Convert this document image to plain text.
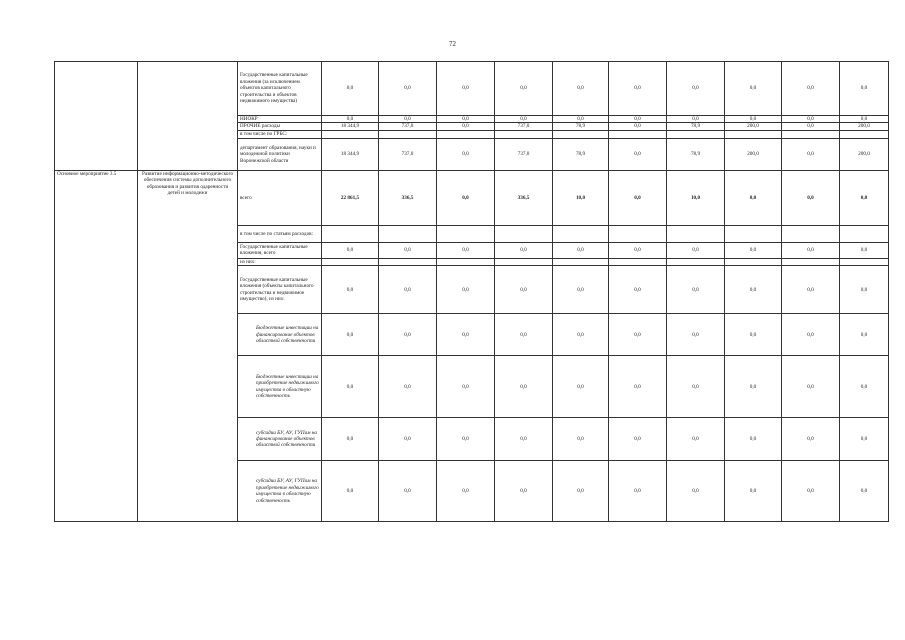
72
		Государственные капитальные вложения (за исключением объектов капитального строительства и объектов недвижимого имущества)	0,0	0,0	0,0	0,0	0,0	0,0	0,0	0,0	0,0	0,0
		НИОКР	0,0	0,0	0,0	0,0	0,0	0,0	0,0	0,0	0,0	0,0
		ПРОЧИЕ расходы	18 344,9	737,0	0,0	737,0	78,9	0,0	78,9	200,0	0,0	200,0
		в том числе по ГРБС:										
		департамент образования, науки и молодежной политики Воронежской области	18 344,9	737,0	0,0	737,0	78,9	0,0	78,9	200,0	0,0	200,0
Основное мероприятие 3.5	Развитие информационно-методического обеспечения системы дополнительного образования и развития одаренности детей и молодежи	всего	22 861,5	336,5	0,0	336,5	10,0	0,0	10,0	0,0	0,0	0,0
		в том числе по статьям расходов:										
		Государственные капитальные вложения, всего	0,0	0,0	0,0	0,0	0,0	0,0	0,0	0,0	0,0	0,0
		из них:										
		Государственные капитальные вложения (объекты капитального строительства и недвижимое имущество), из них:	0,0	0,0	0,0	0,0	0,0	0,0	0,0	0,0	0,0	0,0
		Бюджетные инвестиции на финансирование объектов областной собственности	0,0	0,0	0,0	0,0	0,0	0,0	0,0	0,0	0,0	0,0
		Бюджетные инвестиции на приобретение недвижимого имущества в областную собственность	0,0	0,0	0,0	0,0	0,0	0,0	0,0	0,0	0,0	0,0
		субсидии БУ, АУ, ГУПам на финансирование объектов областной собственности	0,0	0,0	0,0	0,0	0,0	0,0	0,0	0,0	0,0	0,0
		субсидии БУ, АУ, ГУПам на приобретение недвижимого имущества в областную собственность	0,0	0,0	0,0	0,0	0,0	0,0	0,0	0,0	0,0	0,0
